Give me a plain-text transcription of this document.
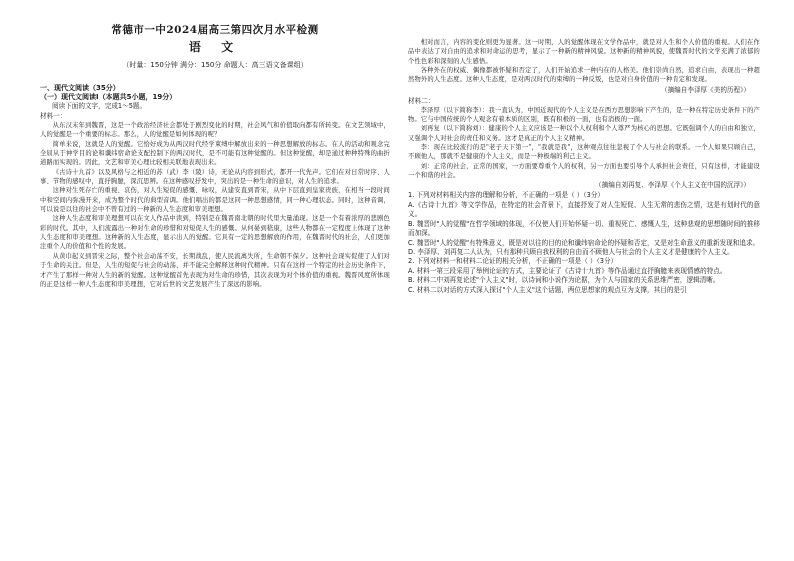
常德市一中2024届高三第四次月水平检测
语 文
（时量：150分钟 满分：150分 命题人：高三语文备课组）
一、现代文阅读（35分）
（一）现代文阅读Ⅰ（本题共5小题，19分）
阅读下面的文字，完成1～5题。
材料一：

从东汉末年到魏晋，这是一个政治经济社会都处于剧烈变化的时期，社会风气和价值取向都有所转变。在文艺领域中，人的觉醒是一个重要的标志。那么，人的觉醒是如何体现的呢？

简单来说，这就是人的觉醒。它恰好成为从两汉时代经学束缚中解放出来的一种思想解放的标志。在人的活动和观念完全屈从于神学目的论和谶纬宿命论支配控制下的两汉时代，是不可能有这种觉醒的。但这种觉醒，却是通过种种特殊的曲折道路而实现的。因此，文艺和审美心理比较相关联地表现出来。

《古诗十九首》以及风格与之相近的苏（武）李（陵）诗，无论从内容到形式，都开一代先声。它们在对日常时序、人事、节物的感叹中，直抒胸臆，深沉思辨。在这种感叹抒发中，突出的是一种生命的意识，对人生的追求。

这种对生死存亡的重视、哀伤，对人生短促的感慨、咏叹，从建安直到晋宋，从中下层直到皇家贵族，在相当一段时间中和空间内弥漫开来，成为整个时代的典型音调。他们唱出的都是这同一种思想感情，同一种心理状态。同时，这种音调，可以说是以往的社会中不曾有过的一种新的人生态度和审美理想。

这种人生态度和审美理想可以在文人作品中读到，特别是在魏晋南北朝的时代里大量涌现。这是一个有着浓厚的悲剧色彩的时代。其中，人们流露出一种对生命的珍惜和对短促人生的感慨。从何晏到嵇康，这些人物都在一定程度上体现了这种人生态度和审美理想。这种新的人生态度，显示出人的觉醒。它具有一定的思想解放的作用，在魏晋时代的社会，人们更加注重个人的价值和个性的发展。

从黄巾起义到晋宋之际，整个社会动荡不安，长期战乱，使人民流离失所，生命朝不保夕。这种社会现实促使了人们对于生命的关注。但是，人生的短促与社会的动荡，并不能完全解释这种时代精神。只有在这样一个特定的社会历史条件下，才产生了那样一种对人生的新的觉醒。这种觉醒首先表现为对生命的珍惜，其次表现为对个体价值的重视。魏晋风度所体现的正是这样一种人生态度和审美理想，它对后世的文艺发展产生了深远的影响。

相对而言，内容的变化则更为显著。这一时期，人的觉醒体现在文学作品中，就是对人生和个人价值的重视。人们在作品中表达了对自由的追求和对命运的思考，显示了一种新的精神风貌。这种新的精神风貌，使魏晋时代的文学充满了浓郁的个性色彩和深刻的人生感悟。

各种外在的权威、偶像都被怀疑和否定了，人们开始追求一种内在的人格美。他们崇尚自然，追求自由，表现出一种超然物外的人生态度。这种人生态度，是对两汉时代的束缚的一种反叛，也是对自身价值的一种肯定和发现。

（摘编自李泽厚《美的历程》）
材料二：

李泽厚（以下简称李）：我一直认为，中国近现代的个人主义是在西方思想影响下产生的，是一种在特定历史条件下的产物。它与中国传统的个人观念有着本质的区别，既有积极的一面，也有消极的一面。

刘再复（以下简称刘）：健康的个人主义应该是一种以个人权利和个人尊严为核心的思想。它既强调个人的自由和独立，又强调个人对社会的责任和义务。这才是真正的个人主义精神。

李：现在比较流行的是"老子天下第一"，"我就是我"，这种观点往往忽视了个人与社会的联系。一个人如果只顾自己，不顾他人，那就不是健康的个人主义，而是一种极端的利己主义。

刘：正常的社会，正常的国家，一方面要尊重个人的权利，另一方面也要引导个人承担社会责任，只有这样，才能建设一个和谐的社会。

（摘编自刘再复、李泽厚《个人主义在中国的沉浮》）

1. 下列对材料相关内容的理解和分析，不正确的一项是（ ）（3分）

A.《古诗十九首》等文学作品，在特定的社会背景下，直接抒发了对人生短促、人生无常的悲伤之情，这是有划时代的意义。

B. 魏晋时"人的觉醒"在哲学领域的体现，不仅使人们开始怀疑一切、重视死亡、感慨人生，这种悲观的思想随时间的推移而加深。

C. 魏晋时"人的觉醒"有特殊意义，既是对以往的目的论和谶纬宿命论的怀疑和否定，又是对生命意义的重新发现和追求。

D. 李泽厚、刘再复二人认为，只有那种只顾自我权利的自由而不顾他人与社会的个人主义才是健康的个人主义。

2. 下列对材料一和材料二论证的相关分析，不正确的一项是（ ）（3分）

A. 材料一第三段采用了举例论证的方式，主要论证了《古诗十九首》等作品通过直抒胸臆来表现情感的特点。

B. 材料二中刘再复论述"个人主义"时，以诗词和小说作为论据，为个人与国家的关系思维严密，逻辑清晰。

C. 材料二以对话的方式深入探讨"个人主义"这个话题，两位思想家的观点互为支撑，其目的是引
